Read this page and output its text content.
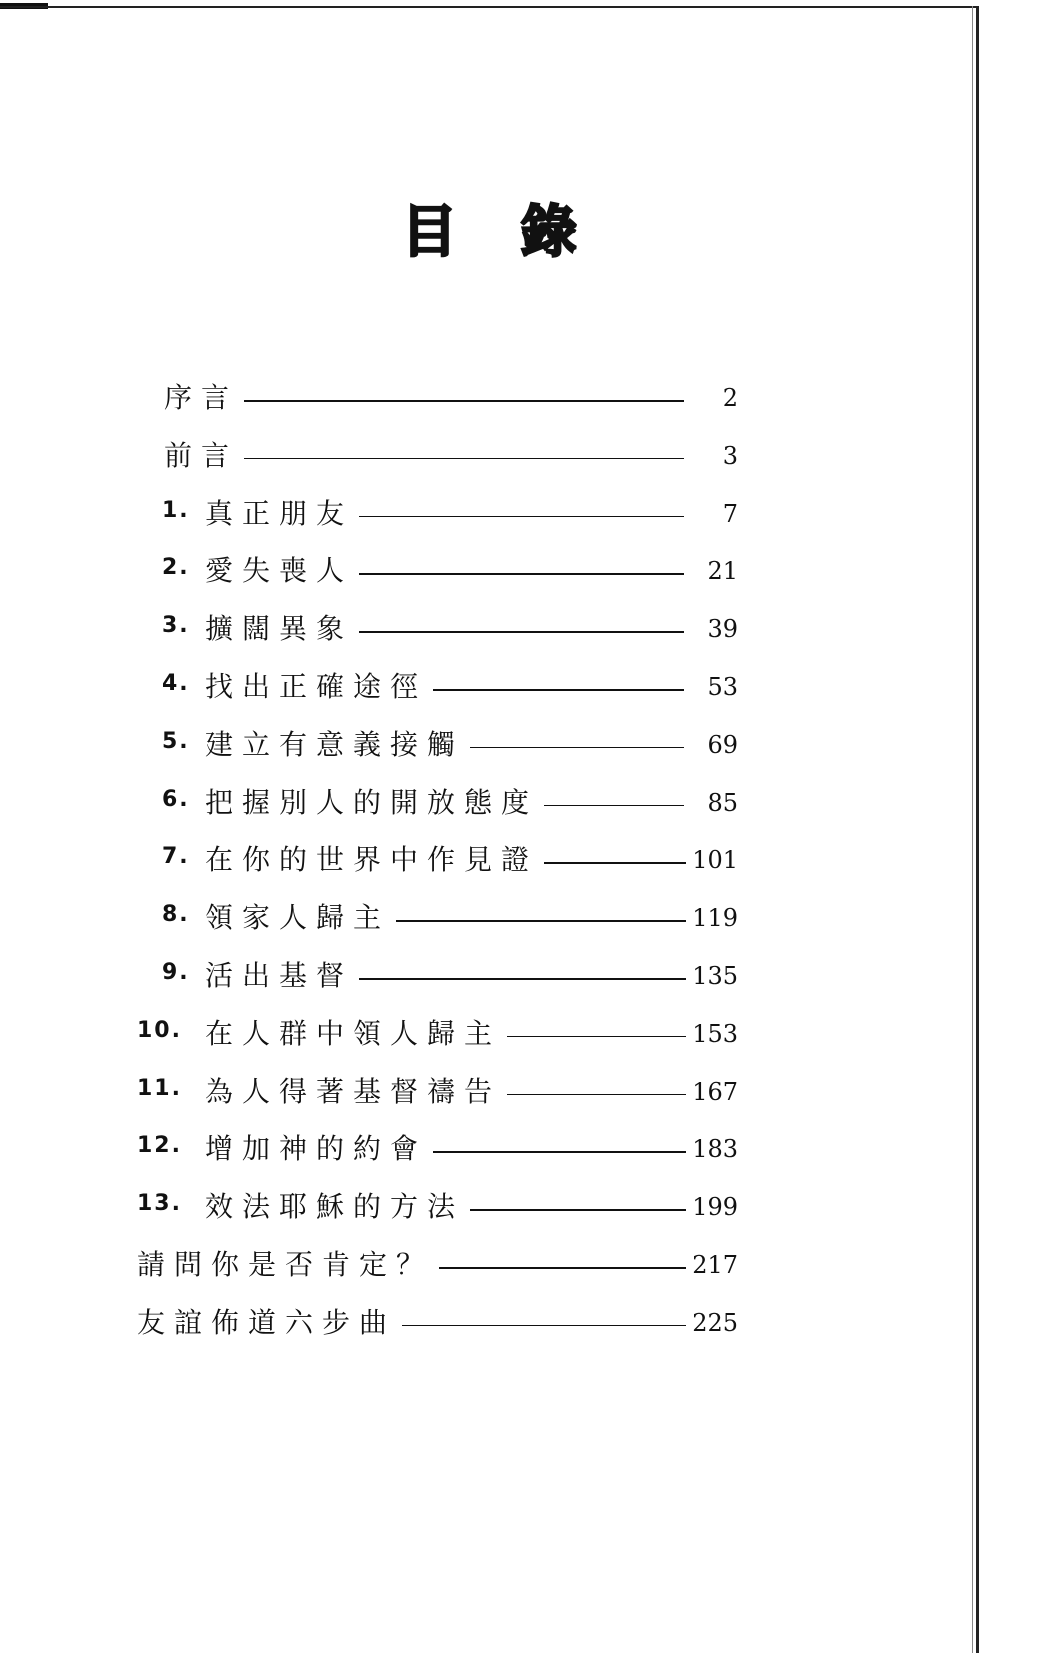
目 錄
序言	2
前言	3
1. 真正朋友	7
2. 愛失喪人	21
3. 擴闊異象	39
4. 找出正確途徑	53
5. 建立有意義接觸	69
6. 把握別人的開放態度	85
7. 在你的世界中作見證	101
8. 領家人歸主	119
9. 活出基督	135
10. 在人群中領人歸主	153
11. 為人得著基督禱告	167
12. 增加神的約會	183
13. 效法耶穌的方法	199
請問你是否肯定？	217
友誼佈道六步曲	225
